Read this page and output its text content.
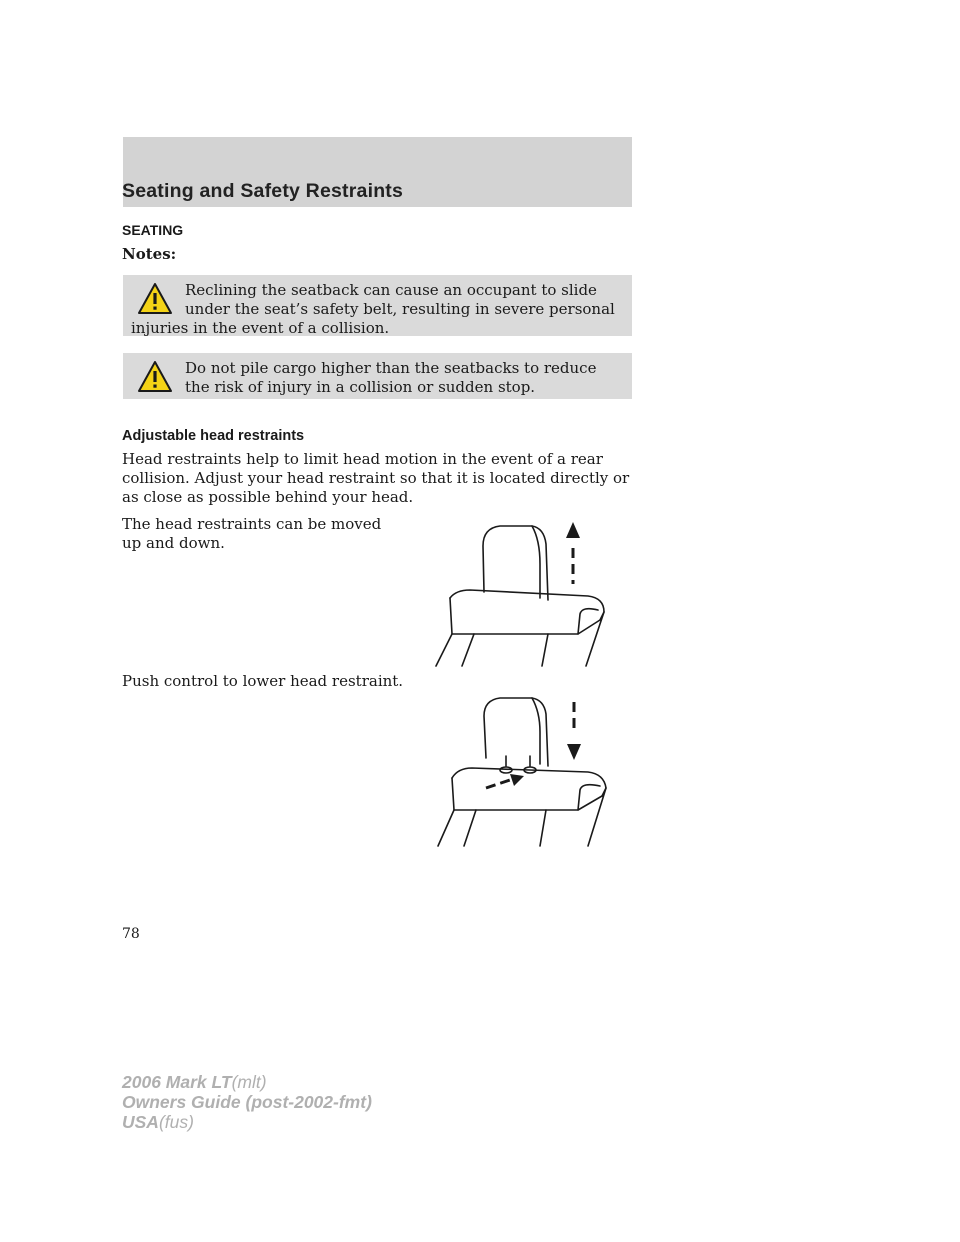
Seating and Safety Restraints
SEATING

Notes:

Reclining the seatback can cause an occupant to slide under the seat’s safety belt, resulting in severe personal injuries in the event of a collision.

Do not pile cargo higher than the seatbacks to reduce the risk of injury in a collision or sudden stop.

Adjustable head restraints

Head restraints help to limit head motion in the event of a rear collision. Adjust your head restraint so that it is located directly or as close as possible behind your head.

The head restraints can be moved up and down.

Push control to lower head restraint.

78

2006 Mark LT(mlt)
Owners Guide (post-2002-fmt)
USA(fus)
